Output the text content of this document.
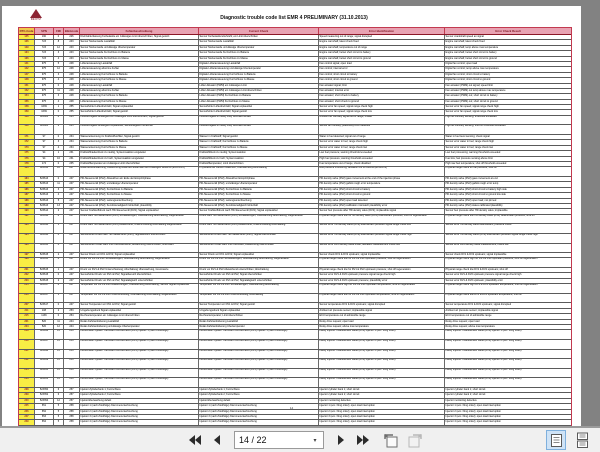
DEUTZ	Diagnostic trouble code list EMR 4 PRELIMINARY (31.10.2013)
DTC-Code	SPN	FMI	Blinkcode	Fehlerbeschreibung	Current Check	Error Identification	Error Check Result
145	190	0	226	Drehzahlerfassung Kurbelwelle ein zulässiges Limit überschritten, Signal gestört	Sensor Kurbelwellendrehzahl; ein Limit überschritten	Speed measuring out of range; signal disrupted	Sensor crankshaft speed an signal
126	723	8	243	Sensor Nockenwelle Lastabfall	Sensor Nockenwelle Lastabfall	Engine camshaft; latest check fixed	Engine camshaft; latest check fixed
129	723	12	243	Sensor Nockenwelle unzulässige Übertemperatur	Sensor Nockenwelle unzulässige Übertemperatur	Engine camshaft; temperature out of range	Engine camshaft; temp above max temperature
134	723	3	243	Sensor Nockenwelle Kurzschluss zu Batterie	Sensor Nockenwelle Kurzschluss zu Batterie	Engine camshaft; below short circuit to battery	Engine camshaft; below short circuit to battery
136	723	4	243	Sensor Nockenwelle Kurzschluss zu Masse	Sensor Nockenwelle Kurzschluss zu Masse	Engine camshaft; below short circuit to ground	Engine camshaft; below short circuit to ground
141	975	5	248	Lüfteransteuerung Lastabfall	Digitale Lüfteransteuerung Lastabfall	Fan control signal; open load	Digital fan control; open load
142	975	12	248	Lüfteransteuerung abnorme Fehler	Digitale Lüfteransteuerung unzulässige Übertemperatur	Fan control; internal error	Digital fan control; temp above max temperature
147	975	3	248	Lüfteransteuerung Kurzschluss zu Batterie	Digitale Lüfteransteuerung Kurzschluss zu Batterie	Fan control; short circuit to battery	Digital fan control; short circuit to battery
148	975	4	248	Lüfteransteuerung Kurzschluss zu Masse	Digitale Lüfteransteuerung Kurzschluss zu Masse	Fan control; short circuit to ground	Digital fan control; short circuit to ground
151	975	0	248	Lüfteransteuerung Lastabfall	Lüfter Aktuator (PWM) ein zulässiges Limit	Fan actuator signal; limit	Fan actuator (PWM) out signal; speed limit
152	975	11	248	Lüfteransteuerung abnorme Fehler	Lüfter Aktuator (PWM) ein zulässiges Limit überschritten	Fan actuator; internal error	Fan actuator (PWM) out temp above max temperature
154	975	3	248	Lüfteransteuerung Kurzschluss zu Batterie	Lüfter Aktuator (PWM) Kurzschluss zu Batterie	Fan actuator; short check to battery	Fan actuator (PWM) out; short circuit to battery
156	975	4	248	Lüfteransteuerung Kurzschluss zu Masse	Lüfter Aktuator (PWM) Kurzschluss zu Masse	Fan actuator; short check to ground	Fan actuator (PWM) out; short circuit to ground
158	1639	1	255	Sensorfehler Lüfterdrehzahl, Signal unplausibel	Sensorfehler Lüfterdrehzahl; Signal unplausibel	Sensor error fan speed; signal range check high	Sensor error fan speed; signal range check high
159	1639	0	255	Sensorfehler Lüfterdrehzahl, Signal gestört	Sensorfehler Lüfterdrehzahl; Signal gestört	Sensor error fan speed; signal range check low	Sensor error fan speed; signal range check low
168	523605	8	265	Luftfeuchtigkeit Ansaugluft ein zulässiges Limit überschritten, Signal gestört	Luftfeuchtigkeit in heavy Duty Kennwert erratic	Ambient air humidity signal out of range, invalid	High air humidity sensing; threshold exceeded
169	523605	2	265	Luftfeuchtigkeit Ansaugluft unplausibel, Sensorabgleich fehlerhaft	Luftfeuchtigkeit in heavy Duty Kennwert erratic	Sensor air humidity; plausibility error detected	High air humidity sensing; shut off threshold exceeded
171	97	0	234	Wassererkennung im Kraftstoffvorfilter, Signal gestört	Wasser in Kraftstoff; Signal gestört	Water in fuel detected; signal out of range	Water in fuel level sensing; check signal
172	97	3	234	Wassererkennung Kurzschluss zu Batterie	Wasser in Kraftstoff; Kurzschluss zu Batterie	Sensor error water in fuel; range check high	Sensor error water in fuel; range check high
173	97	4	234	Wassererkennung Kurzschluss zu Masse	Wasser in Kraftstoff; Kurzschluss zu Masse	Sensor error water in fuel; range check low	Sensor error water in fuel; range check low
175	94	1	231	Kraftstoffniederdruck zu niedrig, Systemreaktion eingeleitet	Kraftstoffdruck zu niedrig; Systemreaktion	Low fuel pressure; warning threshold exceeded	Low fuel processing; warning threshold exceeded
176	94	16	231	Kraftstoffniederdruck zu hoch, Systemreaktion eingeleitet	Kraftstoffdruck zu hoch; Systemreaktion	High fuel pressure; warning threshold exceeded	Fuel low; fuel pressure sensing above limit
178	174	0	235	Kraftstofftemperatur ein zulässiges Limit überschritten	Kraftstofftemperatur; Limit überschritten	Fuel temperature out of range; check disabled	High raw fuel temperature; shut off threshold exceeded
183	523613	12	247	Raildrucküberwachung; Abweichung Raildruck außerhalb des zulässigen Bereichs (ECU/DV2)	Physikalischer Bereich Raildruck; Überwachung Abschaltung	Rail pressure monitoring; deviation out of bounds (ECU/DV2)	Physical range check for rail pressure; shut off
184	523613	0	247	HD-Steuerventil (DV2); Abweichen am Ende der Einspritzphase	HD-Steuerventil (DV2); Abweichen Einspritzphase	HD density valve (DV2) gave movement at the end of the injection phase	HD density valve (DV2) gave movement at end
185	523613	11	247	HD-Steuerventil (DV2); unzulässige Übertemperatur	HD-Steuerventil (DV2); unzulässige Übertemperatur	HD density valve (DV2) gabint rough error temperature	HD density valve (DV2) gabint rough error temp
186	523613	3	247	HD-Steuerventil (DV2); Kurzschluss zu Batterie	HD-Steuerventil (DV2); Kurzschluss zu Batterie	HD density valve (DV2) short circuit to battery	HD density valve (DV2) short circuit to battery high side
187	523613	4	247	HD-Steuerventil (DV2); Kurzschluss zu Masse	HD-Steuerventil (DV2); Kurzschluss zu Masse	HD density valve (DV2) short circuit to ground	HD density valve (DV2) short circuit to ground low side
188	523613	5	247	HD-Steuerventil (DV2); Leitungsunterbrechung	HD-Steuerventil (DV2); Leitungsunterbrechung	HD density valve (DV2) open load detected	HD density valve (DV2) open load; not pinned
189	523613	13	247	HD-Steuerventil (DV2); Kennlinienabgleich fehlerhaft, plausibility	HD-Steuerventil (DV2); Kennlinienabgleich fehlerhaft	HD density valve (DV2) calibration mismatch plausibility error	HD density valve (DV2) states calibrated plausibility
190	523614	2	247	Sensor Kraftstoffdruck nach HD-Steuerventil (DV2); Signal unplausibel	Sensor Kraftstoffdruck nach HD-Steuerventil (DV2); Signal unplausibel	Sensor fuel pressure after HD density valve (DV2); implausible signal	Sensor fuel pressure after HD density valve; implausible
191	523614	8	247	Druck nach HD-Steuerventil (DV2) Schwankungen; Überwachung Abschaltung, Regeneration	Druck nach HD-Steuerventil (DV2) Schwankungen; Überwachung Abschaltung, Regeneration	Physical range check low for HD density valve (DV2) downstream pressure; shut off regeneration	Physical range check low HD density valve (DV2) downstream pressure; shut off
193	523614	1	247	Druck nach HD-Steuerventil (DV2) Abweichend; Unterschreitung Abschaltung Regeneration	Druck nach HD-Steuerventil (DV2) Abweichend; Unterschreitung Abschaltung	Sensor error HD density valve (DV2) downstream pressure signal range check low	Sensor error HD density valve downstream; pressure check
194	523614	0	247	Sensorfehler Druck nach HD-Steuerventil (DV2); Signalbereich überschritten	Sensorfehler Druck nach HD-Steuerventil (DV2); Signal überschritten	Sensor error HD density valve (DV2) downstream pressure signal range check high	Sensor error HD density valve (DV2) downstream pressure signal range check high
196	523615	4	247	Sensorfehler Offset nach DV2 Kennwertventil; Abweichung überschritten, Grenzwert	Sensorfehler Offset nach DV2 Kennwert; Abweichung überschritten	Sensor error DV2 density valve offset; deviation measurement check low	Sensor error DV2 density valve measurement; check low
197	523615	2	247	Sensor Druck vor DV1 & DV2; Signal unplausibel	Sensor Druck vor DV1 & DV2; Signal unplausibel	Sensor check DV1 & DV2 upstream; signal implausible	Sensor check DV1 & DV2 upstream; signal implausible
198	523615	8	247	Druck vor DV1 & DV2 Schwankungen; Überwachung Abschaltung, Regeneration	Druck vor DV1 & DV2 Schwankungen; Überwachung Abschaltung, Regeneration	Physical range check low for DV1 & DV2 upstream pressure; shut off regeneration	Physical range check high for DV1 & DV2 upstream pressure; shut off regeneration
201	523615	1	247	Druck vor DV1 & DV2 Unterschreitung; Abschaltung Überwachung, Grenzwerte	Druck vor DV1 & DV2 Abweichend unterschritten; Abschaltung	Physical range check low for DV1 & DV2 upstream pressure; shut off regeneration	Physical range check low DV1 & DV2 upstream; shut off
202	523615	0	247	Sensorfehler Druck vor DV1 & DV2; Signalbereich überschritten	Sensorfehler Druck vor DV1 & DV2; Signal überschritten	Sensor error DV1 & DV2 upstream pressure signal range check high	Sensor error DV1 & DV2 upstream pressure signal range check high
203	523615	2	247	Sensorfehler Druck vor DV1 & DV2; Signalabgleich unterschritten	Sensorfehler Druck vor DV1 & DV2; Signalabgleich unterschritten	Sensor error DV1 & DV2 upstream pressure; plausibility error	Sensor error DV1 & DV2 upstream; plausibility error
204	523617	8	247	Temperatur vor DV1 & DV2 Abweichungen; Überwachung Abschaltung, Sensor Signal unplausibel	Temperatur vor DV1 & DV2 Schwankungen; Überwachung Abschaltung	Physical range check high for DV1 & DV2 upstream temperature; shut off regeneration	Physical range check high DV1 & DV2 upstream temperature; shut off regeneration
206	523617	1	247	Temperatur vor DV1 & DV2 Unterschreitung; Überwachung Abschaltung, Regeneration	Temperatur vor DV1 & DV2 Unterschreitung; Abschaltung	Physical range check low for DV1 & DV2 upstream temperature; shut off regeneration	Physical range check low DV1 & DV2 upstream temperature; shut off
207	523617	0	247	Sensor Temperatur vor DV1 & DV2; Signal gestört	Sensor Temperatur vor DV1 & DV2; Signal gestört	Sensor temperature DV1 & DV2 upstream; signal disrupted	Sensor temperature DV1 & DV2 upstream; signal disrupted
211	108	2	253	Umgebungsdruck Signal unplausibel	Umgebungsdruck Signal unplausibel	Ambient air pressure sensor; implausible signal	Ambient air pressure sensor; implausible signal
215	1136	0	254	Rechnertemperatur ein zulässiges Limit überschritten	Rechnertemperatur; Limit überschritten	ECU temperature out of admissible range	ECU temperature out of admissible range
221	520	11	244	Relais Fahrtanforderung Lastabfall	Relais Fahrtanforderung Lastabfall	Relay drive request; open load	Relay drive request; open load
224	520	12	244	Relais Fahrtanforderung unzulässige Übertemperatur	Relais Fahrtanforderung Übertemperatur	Relay drive request; above max temperature	Relay drive request; above max temperature
228	523946	13	256	Fehlerhafter Injektor: Kennwert unzureichend (DV4) Injektor 1 (nach Zündfolge)	Fehlerhafter Injektor: Kennwert unzureichend (DV4) Injektor 1 (nach Zündfolge)	Faulty injector: characteristic value (DV4) injector 1 (acc. firing order)	Faulty injector: characteristic value (DV4) injector 1 (acc. firing order)
229	523947	13	256	Fehlerhafter Injektor: Kennwert unzureichend (DV4) Injektor 2 (nach Zündfolge)	Fehlerhafter Injektor: Kennwert unzureichend (DV4) Injektor 2 (nach Zündfolge)	Faulty injector: characteristic value (DV4) injector 2 (acc. firing order)	Faulty injector: characteristic value (DV4) injector 2 (acc. firing order)
231	523948	13	256	Fehlerhafter Injektor: Kennwert unzureichend (DV4) Injektor 3 (nach Zündfolge)	Fehlerhafter Injektor: Kennwert unzureichend (DV4) Injektor 3 (nach Zündfolge)	Faulty injector: characteristic value (DV4) injector 3 (acc. firing order)	Faulty injector: characteristic value (DV4) injector 3 (acc. firing order)
232	523949	13	256	Fehlerhafter Injektor: Kennwert unzureichend (DV4) Injektor 4 (nach Zündfolge)	Fehlerhafter Injektor: Kennwert unzureichend (DV4) Injektor 4 (nach Zündfolge)	Faulty injector: characteristic value (DV4) injector 4 (acc. firing order)	Faulty injector: characteristic value (DV4) injector 4 (acc. firing order)
234	523950	13	256	Fehlerhafter Injektor: Kennwert unzureichend (DV4) Injektor 5 (nach Zündfolge)	Fehlerhafter Injektor: Kennwert unzureichend (DV4) Injektor 5 (nach Zündfolge)	Faulty injector: characteristic value (DV4) injector 5 (acc. firing order)	Faulty injector: characteristic value (DV4) injector 5 (acc. firing order)
236	523951	13	256	Fehlerhafter Injektor: Kennwert unzureichend (DV4) Injektor 6 (nach Zündfolge)	Fehlerhafter Injektor: Kennwert unzureichend (DV4) Injektor 6 (nach Zündfolge)	Faulty injector: characteristic value (DV4) injector 6 (acc. firing order)	Faulty injector: characteristic value (DV4) injector 6 (acc. firing order)
238	523350	6	257	Injektor Zylinderbank 1; Kurzschluss	Injektor Zylinderbank 1; Kurzschluss	Injector cylinder bank 1; short circuit	Injector cylinder bank 1; short circuit
239	523352	6	257	Injektor Zylinderbank 2; Kurzschluss	Injektor Zylinderbank 2; Kurzschluss	Injector cylinder bank 2; short circuit	Injector cylinder bank 2; short circuit
240	523354	12	257	Injektorüberwachung defekt	Injektorüberwachung defekt	Injector monitoring defective	Injector monitoring defective
245	651	5	258	Injektor 1 (nach Zündfolge) Klemmenunterbrechung	Injektor 1 (nach Zündfolge) Klemmenunterbrechung	Injector 1 (acc. firing order); open load interruption	Injector 1 (acc. firing order); open load interruption
246	652	5	258	Injektor 2 (nach Zündfolge) Klemmenunterbrechung	Injektor 2 (nach Zündfolge) Klemmenunterbrechung	Injector 2 (acc. firing order); open load interruption	Injector 2 (acc. firing order); open load interruption
247	653	5	258	Injektor 3 (nach Zündfolge) Klemmenunterbrechung	Injektor 3 (nach Zündfolge) Klemmenunterbrechung	Injector 3 (acc. firing order); open load interruption	Injector 3 (acc. firing order); open load interruption
249	654	5	258	Injektor 4 (nach Zündfolge) Klemmenunterbrechung	Injektor 4 (nach Zündfolge) Klemmenunterbrechung	Injector 4 (acc. firing order); open load interruption	Injector 4 (acc. firing order); open load interruption
14
14 / 22
▾
